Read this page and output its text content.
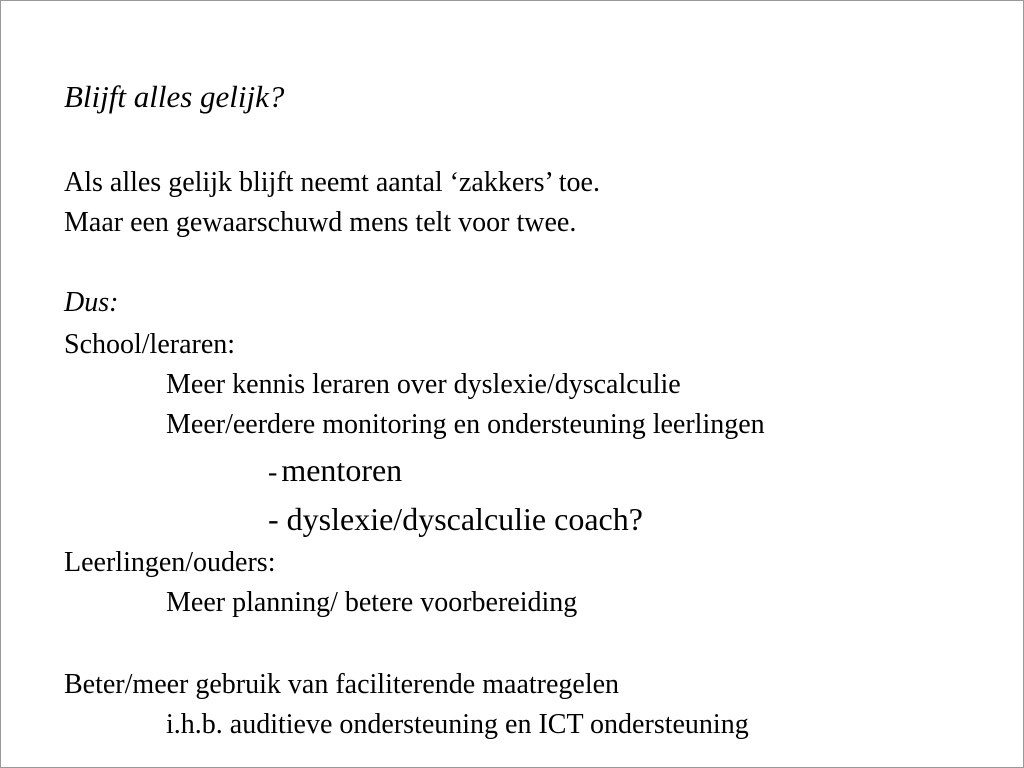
Blijft alles gelijk?
Als alles gelijk blijft neemt aantal ‘zakkers’ toe.
Maar een gewaarschuwd mens telt voor twee.
Dus:
School/leraren:
Meer kennis leraren over dyslexie/dyscalculie
Meer/eerdere monitoring en ondersteuning leerlingen
- mentoren
- dyslexie/dyscalculie coach?
Leerlingen/ouders:
Meer planning/ betere voorbereiding
Beter/meer gebruik van faciliterende maatregelen
i.h.b. auditieve ondersteuning en ICT ondersteuning
